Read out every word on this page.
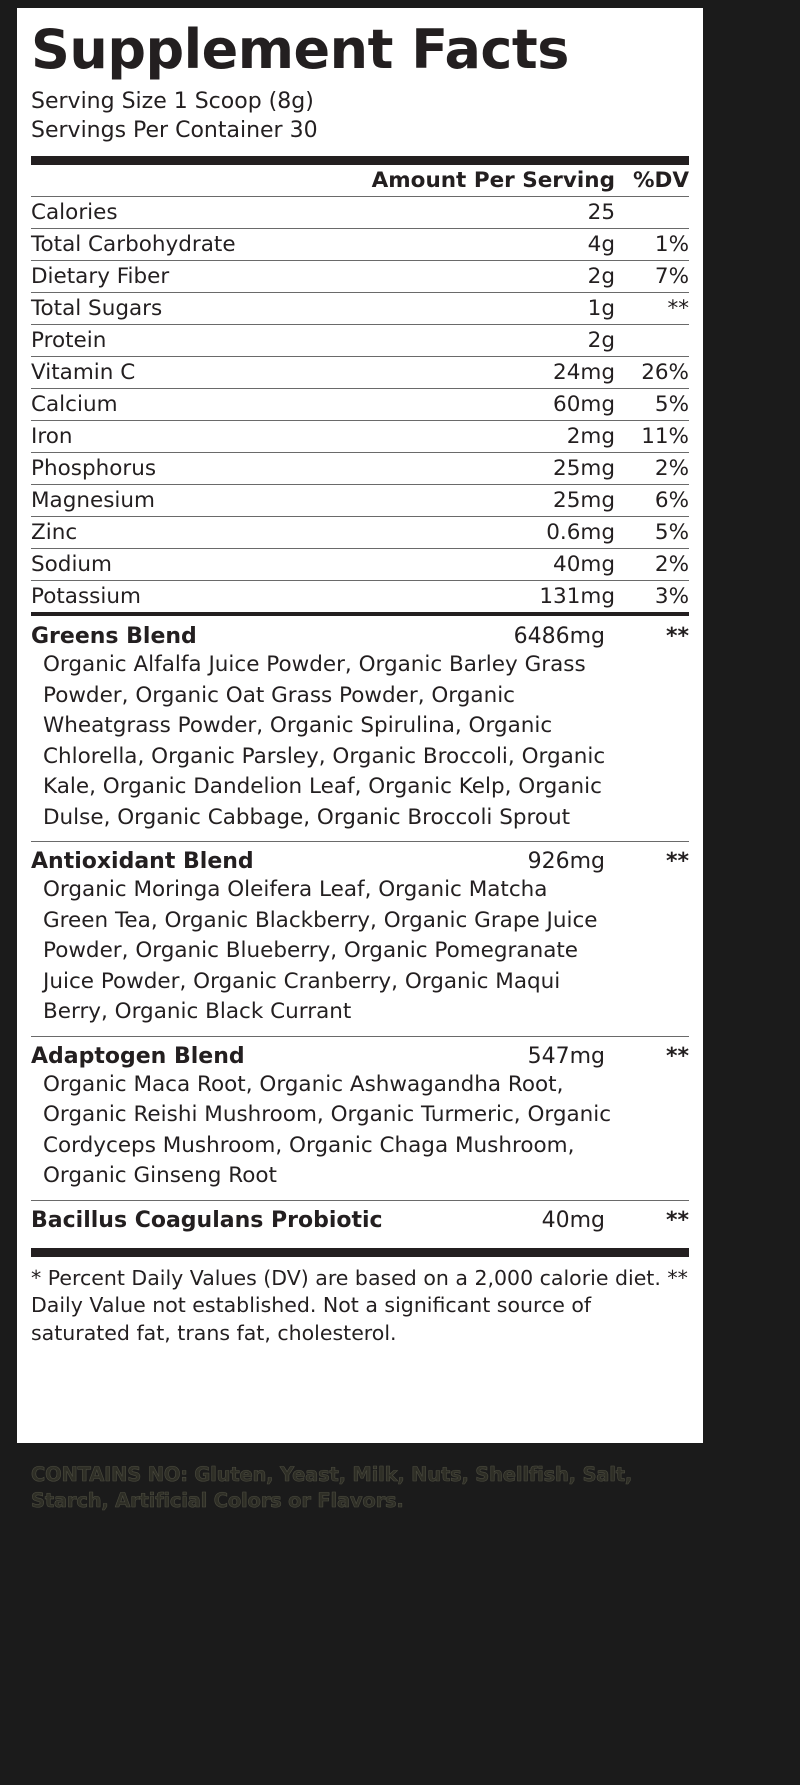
Supplement Facts
Serving Size 1 Scoop (8g)
Servings Per Container 30
	Amount Per Serving	%DV
Calories	25	
Total Carbohydrate	4g	1%
Dietary Fiber	2g	7%
Total Sugars	1g	**
Protein	2g	
Vitamin C	24mg	26%
Calcium	60mg	5%
Iron	2mg	11%
Phosphorus	25mg	2%
Magnesium	25mg	6%
Zinc	0.6mg	5%
Sodium	40mg	2%
Potassium	131mg	3%
Greens Blend	6486mg	**
Organic Alfalfa Juice Powder, Organic Barley Grass Powder, Organic Oat Grass Powder, Organic Wheatgrass Powder, Organic Spirulina, Organic Chlorella, Organic Parsley, Organic Broccoli, Organic Kale, Organic Dandelion Leaf, Organic Kelp, Organic Dulse, Organic Cabbage, Organic Broccoli Sprout
Antioxidant Blend	926mg	**
Organic Moringa Oleifera Leaf, Organic Matcha Green Tea, Organic Blackberry, Organic Grape Juice Powder, Organic Blueberry, Organic Pomegranate Juice Powder, Organic Cranberry, Organic Maqui Berry, Organic Black Currant
Adaptogen Blend	547mg	**
Organic Maca Root, Organic Ashwagandha Root, Organic Reishi Mushroom, Organic Turmeric, Organic Cordyceps Mushroom, Organic Chaga Mushroom, Organic Ginseng Root
Bacillus Coagulans Probiotic	40mg	**
* Percent Daily Values (DV) are based on a 2,000 calorie diet. ** Daily Value not established. Not a significant source of saturated fat, trans fat, cholesterol.
CONTAINS NO: Gluten, Yeast, Milk, Nuts, Shellfish, Salt, Starch, Artificial Colors or Flavors.
